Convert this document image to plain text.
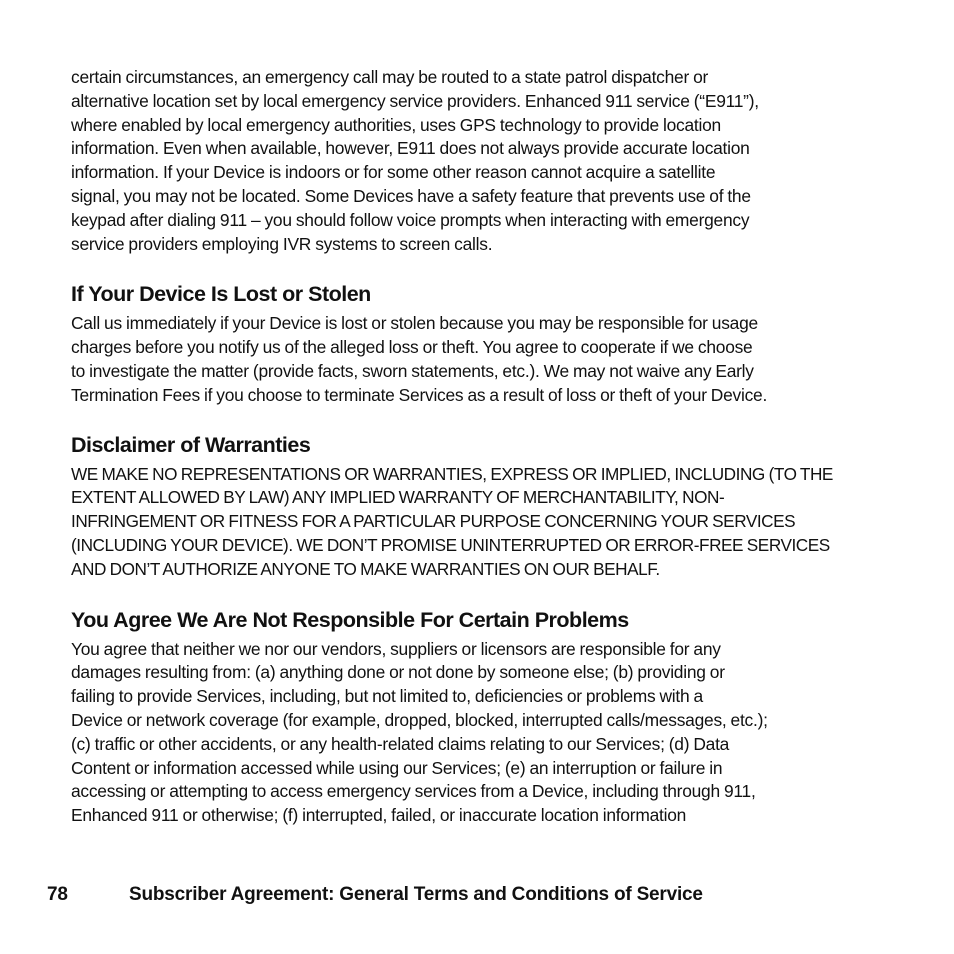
certain circumstances, an emergency call may be routed to a state patrol dispatcher or
alternative location set by local emergency service providers. Enhanced 911 service (“E911”),
where enabled by local emergency authorities, uses GPS technology to provide location
information. Even when available, however, E911 does not always provide accurate location
information. If your Device is indoors or for some other reason cannot acquire a satellite
signal, you may not be located. Some Devices have a safety feature that prevents use of the
keypad after dialing 911 – you should follow voice prompts when interacting with emergency
service providers employing IVR systems to screen calls.

If Your Device Is Lost or Stolen

Call us immediately if your Device is lost or stolen because you may be responsible for usage
charges before you notify us of the alleged loss or theft. You agree to cooperate if we choose
to investigate the matter (provide facts, sworn statements, etc.). We may not waive any Early
Termination Fees if you choose to terminate Services as a result of loss or theft of your Device.

Disclaimer of Warranties

WE MAKE NO REPRESENTATIONS OR WARRANTIES, EXPRESS OR IMPLIED, INCLUDING (TO THE
EXTENT ALLOWED BY LAW) ANY IMPLIED WARRANTY OF MERCHANTABILITY, NON-
INFRINGEMENT OR FITNESS FOR A PARTICULAR PURPOSE CONCERNING YOUR SERVICES
(INCLUDING YOUR DEVICE). WE DON’T PROMISE UNINTERRUPTED OR ERROR-FREE SERVICES
AND DON’T AUTHORIZE ANYONE TO MAKE WARRANTIES ON OUR BEHALF.

You Agree We Are Not Responsible For Certain Problems

You agree that neither we nor our vendors, suppliers or licensors are responsible for any
damages resulting from: (a) anything done or not done by someone else; (b) providing or
failing to provide Services, including, but not limited to, deficiencies or problems with a
Device or network coverage (for example, dropped, blocked, interrupted calls/messages, etc.);
(c) traffic or other accidents, or any health-related claims relating to our Services; (d) Data
Content or information accessed while using our Services; (e) an interruption or failure in
accessing or attempting to access emergency services from a Device, including through 911,
Enhanced 911 or otherwise; (f) interrupted, failed, or inaccurate location information

78	Subscriber Agreement: General Terms and Conditions of Service
